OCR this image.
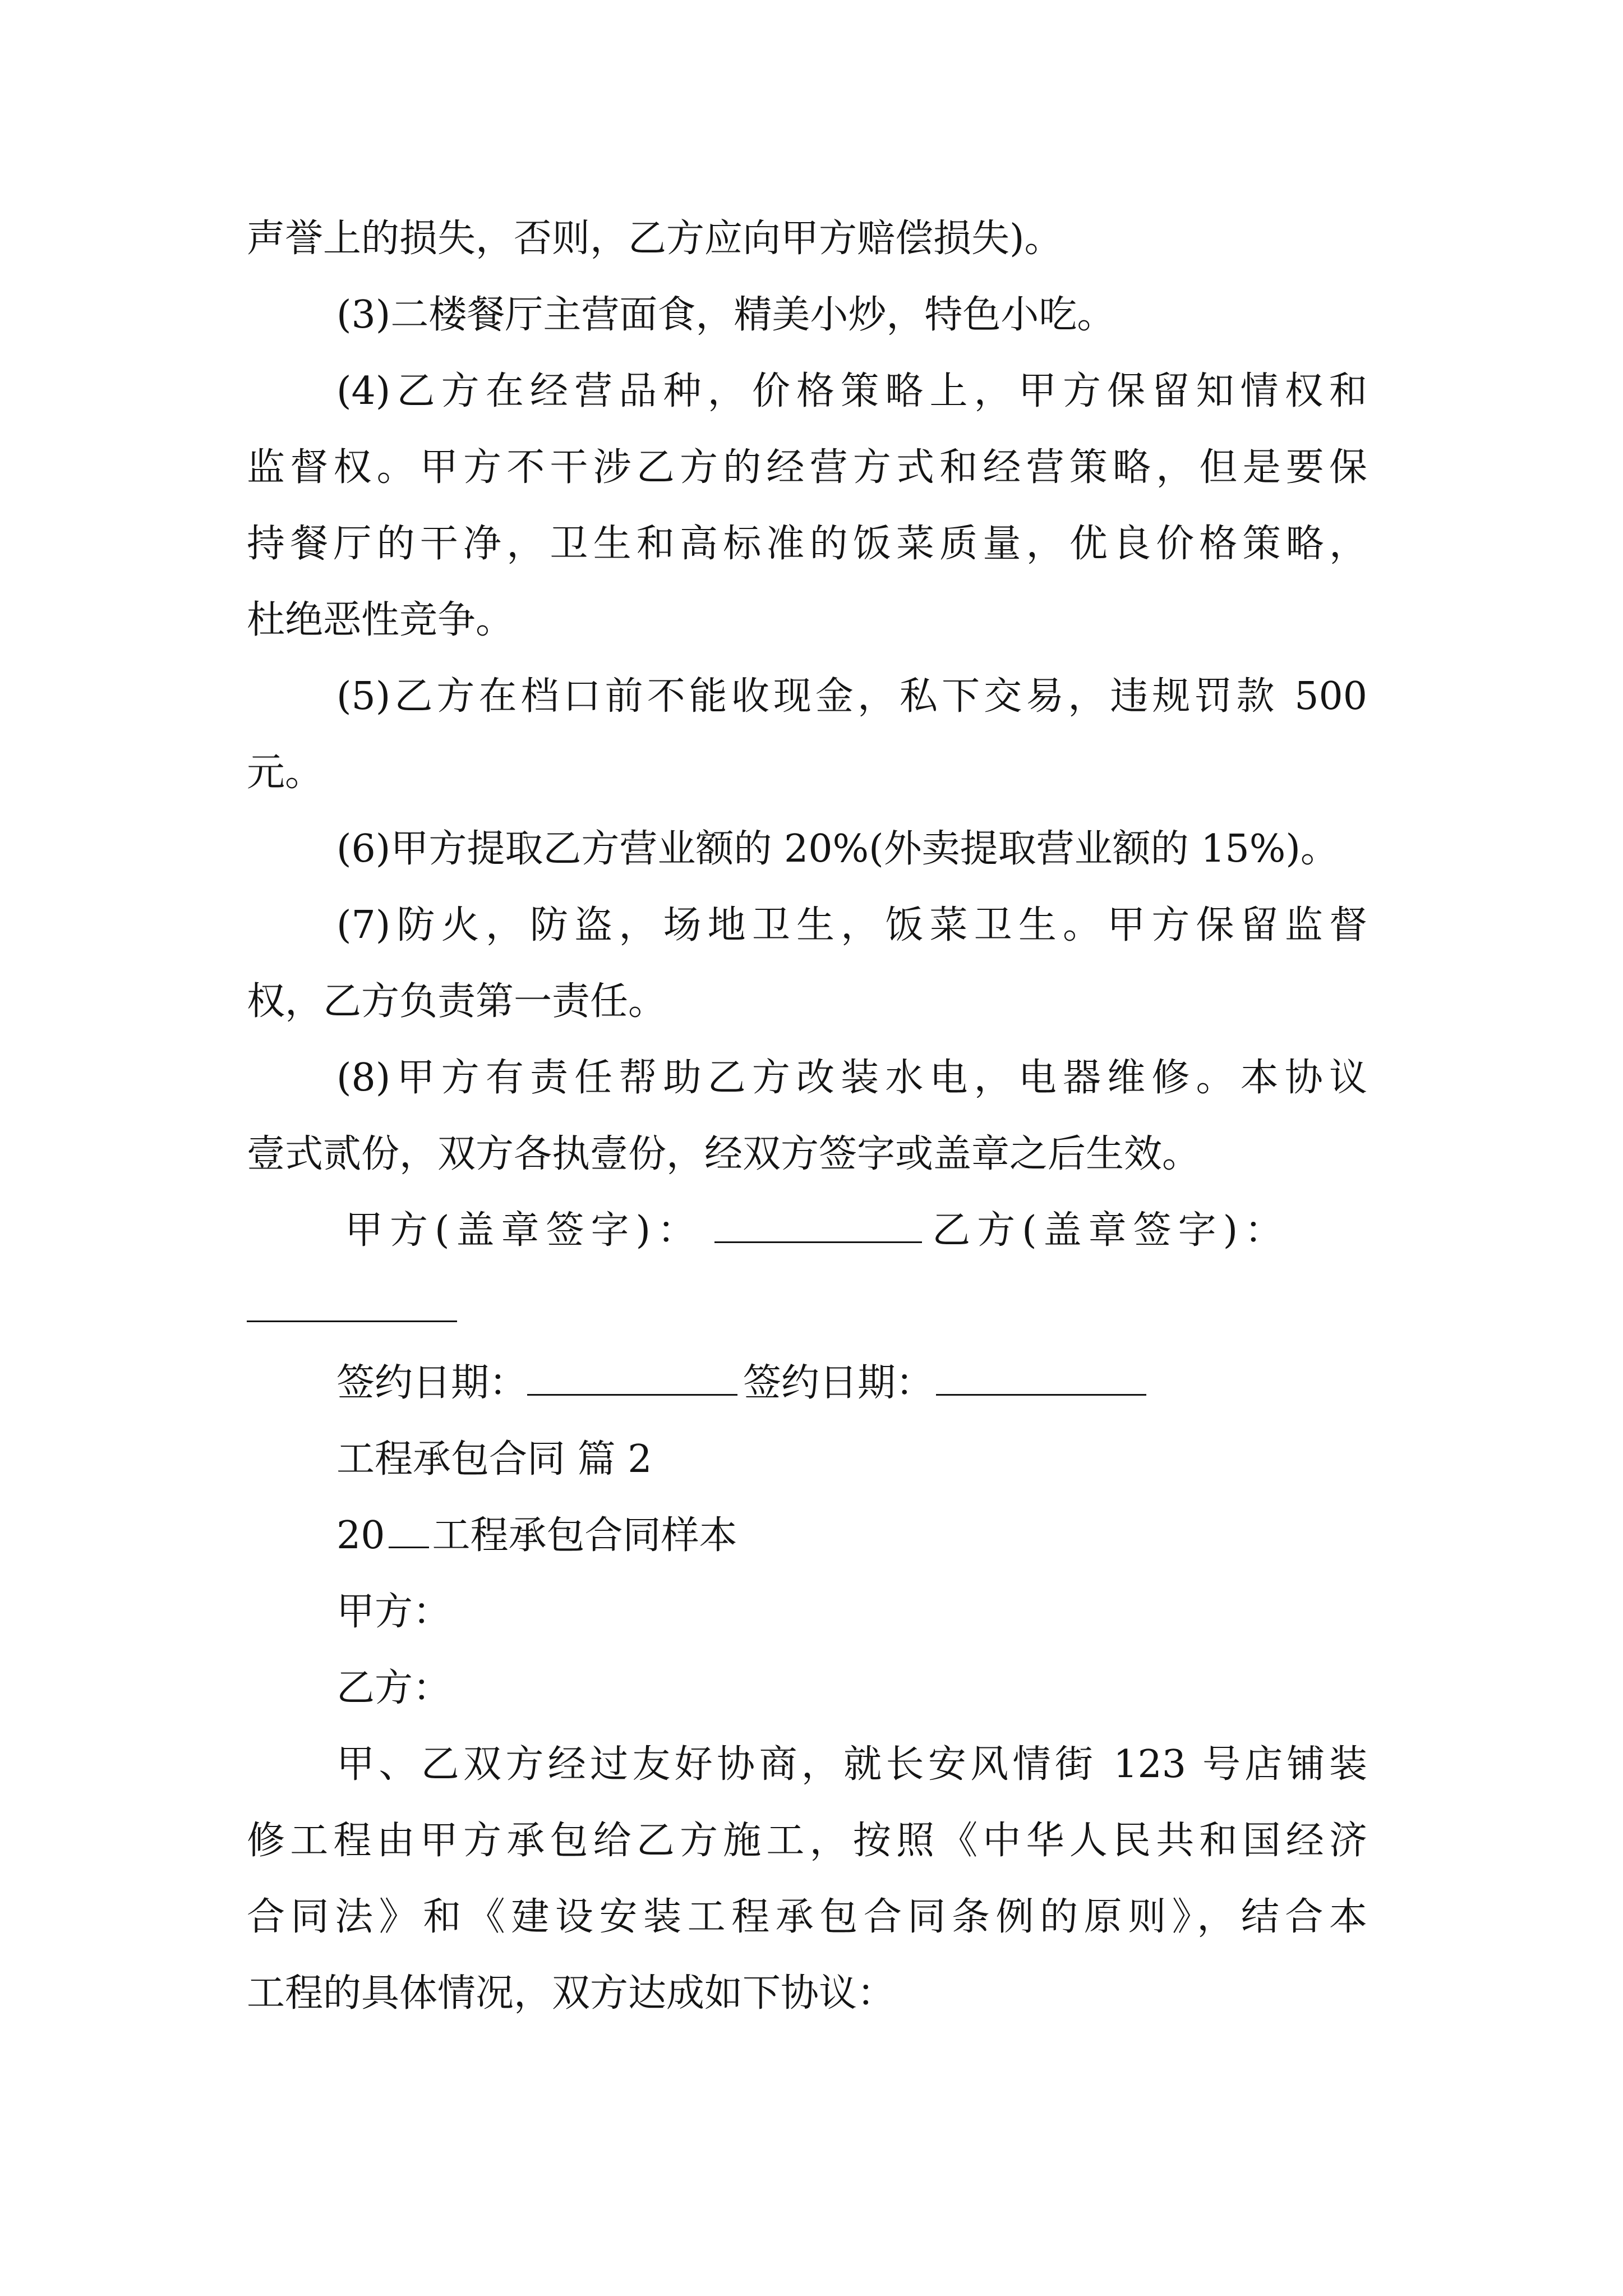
声誉上的损失，否则，乙方应向甲方赔偿损失)。

(3)二楼餐厅主营面食，精美小炒，特色小吃。

(4)乙方在经营品种，价格策略上，甲方保留知情权和

监督权。甲方不干涉乙方的经营方式和经营策略，但是要保

持餐厅的干净，卫生和高标准的饭菜质量，优良价格策略，

杜绝恶性竞争。

(5)乙方在档口前不能收现金，私下交易，违规罚款 500

元。

(6)甲方提取乙方营业额的 20%(外卖提取营业额的 15%)。

(7)防火，防盗，场地卫生，饭菜卫生。甲方保留监督

权，乙方负责第一责任。

(8)甲方有责任帮助乙方改装水电，电器维修。本协议

壹式贰份，双方各执壹份，经双方签字或盖章之后生效。

甲方(盖章签字)：	乙方(盖章签字)：
签约日期：	签约日期：

工程承包合同 篇 2

20 工程承包合同样本

甲方：

乙方：

甲、乙双方经过友好协商，就长安风情街 123 号店铺装

修工程由甲方承包给乙方施工，按照《中华人民共和国经济

合同法》和《建设安装工程承包合同条例的原则》，结合本

工程的具体情况，双方达成如下协议：
